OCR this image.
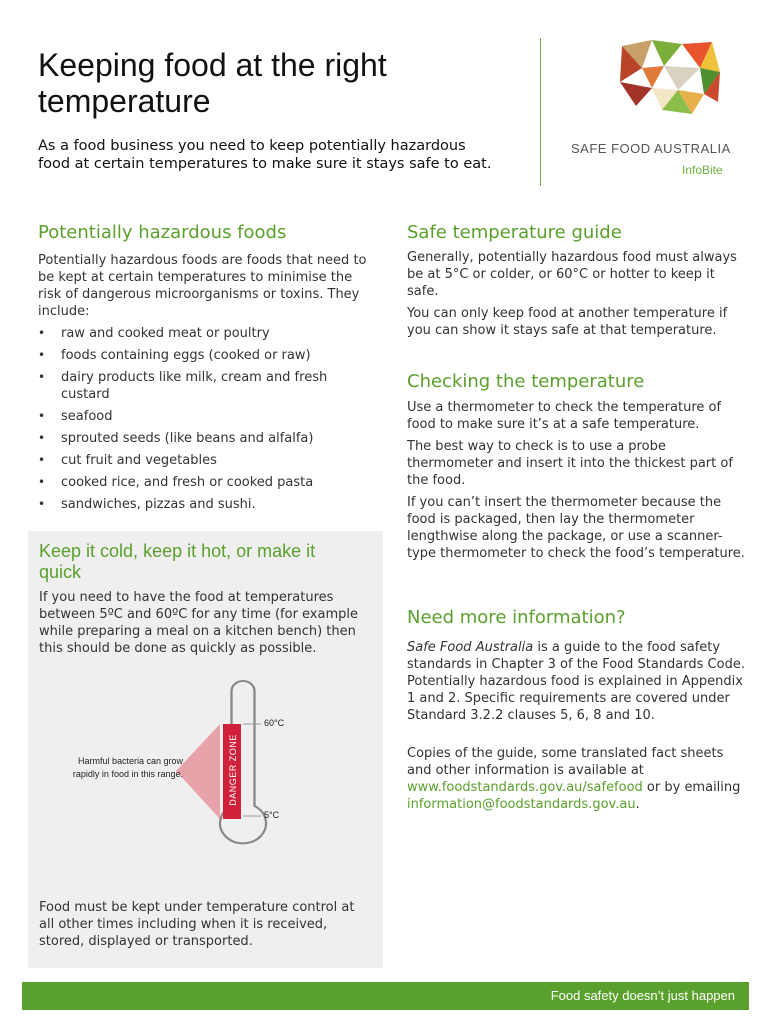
Keeping food at the right
temperature
As a food business you need to keep potentially hazardous
food at certain temperatures to make sure it stays safe to eat.
SAFE FOOD AUSTRALIA
InfoBite
Potentially hazardous foods

Potentially hazardous foods are foods that need to be kept at certain temperatures to minimise the risk of dangerous microorganisms or toxins. They include:

• raw and cooked meat or poultry
• foods containing eggs (cooked or raw)
• dairy products like milk, cream and fresh custard
• seafood
• sprouted seeds (like beans and alfalfa)
• cut fruit and vegetables
• cooked rice, and fresh or cooked pasta
• sandwiches, pizzas and sushi.
Keep it cold, keep it hot, or make it quick

If you need to have the food at temperatures between 5ºC and 60ºC for any time (for example while preparing a meal on a kitchen bench) then this should be done as quickly as possible.

60°C
5°C
DANGER ZONE
Harmful bacteria can grow
rapidly in food in this range.

Food must be kept under temperature control at all other times including when it is received, stored, displayed or transported.

Safe temperature guide

Generally, potentially hazardous food must always be at 5°C or colder, or 60°C or hotter to keep it safe.

You can only keep food at another temperature if you can show it stays safe at that temperature.

Checking the temperature

Use a thermometer to check the temperature of food to make sure it’s at a safe temperature.

The best way to check is to use a probe thermometer and insert it into the thickest part of the food.

If you can’t insert the thermometer because the food is packaged, then lay the thermometer lengthwise along the package, or use a scanner-type thermometer to check the food’s temperature.

Need more information?

Safe Food Australia is a guide to the food safety standards in Chapter 3 of the Food Standards Code. Potentially hazardous food is explained in Appendix 1 and 2. Specific requirements are covered under Standard 3.2.2 clauses 5, 6, 8 and 10.

Copies of the guide, some translated fact sheets and other information is available at www.foodstandards.gov.au/safefood or by emailing information@foodstandards.gov.au.

Food safety doesn’t just happen
